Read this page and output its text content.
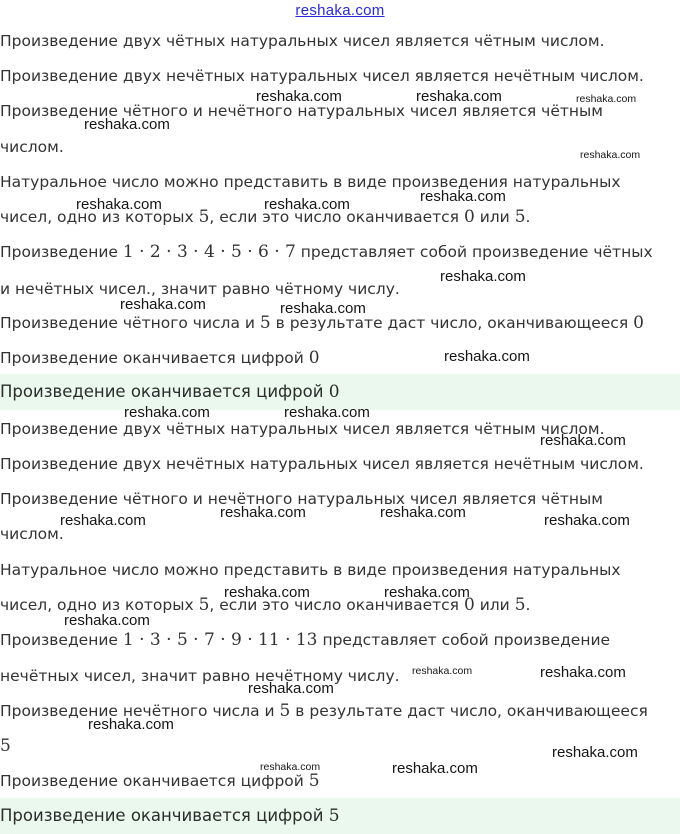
reshaka.com
Произведение двух чётных натуральных чисел является чётным числом.
Произведение двух нечётных натуральных чисел является нечётным числом.
Произведение чётного и нечётного натуральных чисел является чётным
числом.
Натуральное число можно представить в виде произведения натуральных
чисел, одно из которых 5, если это число оканчивается 0 или 5.
Произведение 1 · 2 · 3 · 4 · 5 · 6 · 7 представляет собой произведение чётных
и нечётных чисел., значит равно чётному числу.
Произведение чётного числа и 5 в результате даст число, оканчивающееся 0
Произведение оканчивается цифрой 0
Произведение оканчивается цифрой 0
Произведение двух чётных натуральных чисел является чётным числом.
Произведение двух нечётных натуральных чисел является нечётным числом.
Произведение чётного и нечётного натуральных чисел является чётным
числом.
Натуральное число можно представить в виде произведения натуральных
чисел, одно из которых 5, если это число оканчивается 0 или 5.
Произведение 1 · 3 · 5 · 7 · 9 · 11 · 13 представляет собой произведение
нечётных чисел, значит равно нечётному числу.
Произведение нечётного числа и 5 в результате даст число, оканчивающееся
5
Произведение оканчивается цифрой 5
Произведение оканчивается цифрой 5
reshaka.com	reshaka.com	reshaka.com
reshaka.com
reshaka.com
reshaka.com
reshaka.com	reshaka.com
reshaka.com
reshaka.com	reshaka.com
reshaka.com
reshaka.com	reshaka.com
reshaka.com
reshaka.com	reshaka.com
reshaka.com	reshaka.com
reshaka.com	reshaka.com
reshaka.com
reshaka.com	reshaka.com
reshaka.com
reshaka.com
reshaka.com
reshaka.com	reshaka.com
